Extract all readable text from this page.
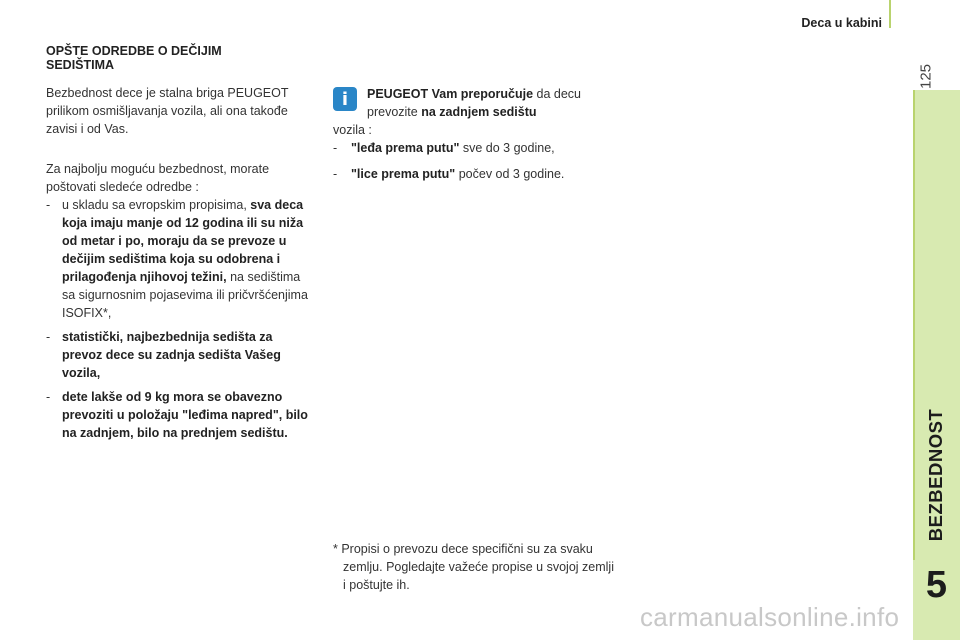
Deca u kabini
125
BEZBEDNOST
5
OPŠTE ODREDBE O DEČIJIM SEDIŠTIMA

Bezbednost dece je stalna briga PEUGEOT prilikom osmišljavanja vozila, ali ona takođe zavisi i od Vas.

Za najbolju moguću bezbednost, morate poštovati sledeće odredbe :

- u skladu sa evropskim propisima, sva deca koja imaju manje od 12 godina ili su niža od metar i po, moraju da se prevoze u dečijim sedištima koja su odobrena i prilagođenja njihovoj težini, na sedištima sa sigurnosnim pojasevima ili pričvršćenjima ISOFIX*,
- statistički, najbezbednija sedišta za prevoz dece su zadnja sedišta Vašeg vozila,
- dete lakše od 9 kg mora se obavezno prevoziti u položaju "leđima napred", bilo na zadnjem, bilo na prednjem sedištu.
i	PEUGEOT Vam preporučuje da decu prevozite na zadnjem sedištu

vozila :

- "leđa prema putu" sve do 3 godine,
- "lice prema putu" počev od 3 godine.

* Propisi o prevozu dece specifični su za svaku zemlju. Pogledajte važeće propise u svojoj zemlji i poštujte ih.

carmanualsonline.info
